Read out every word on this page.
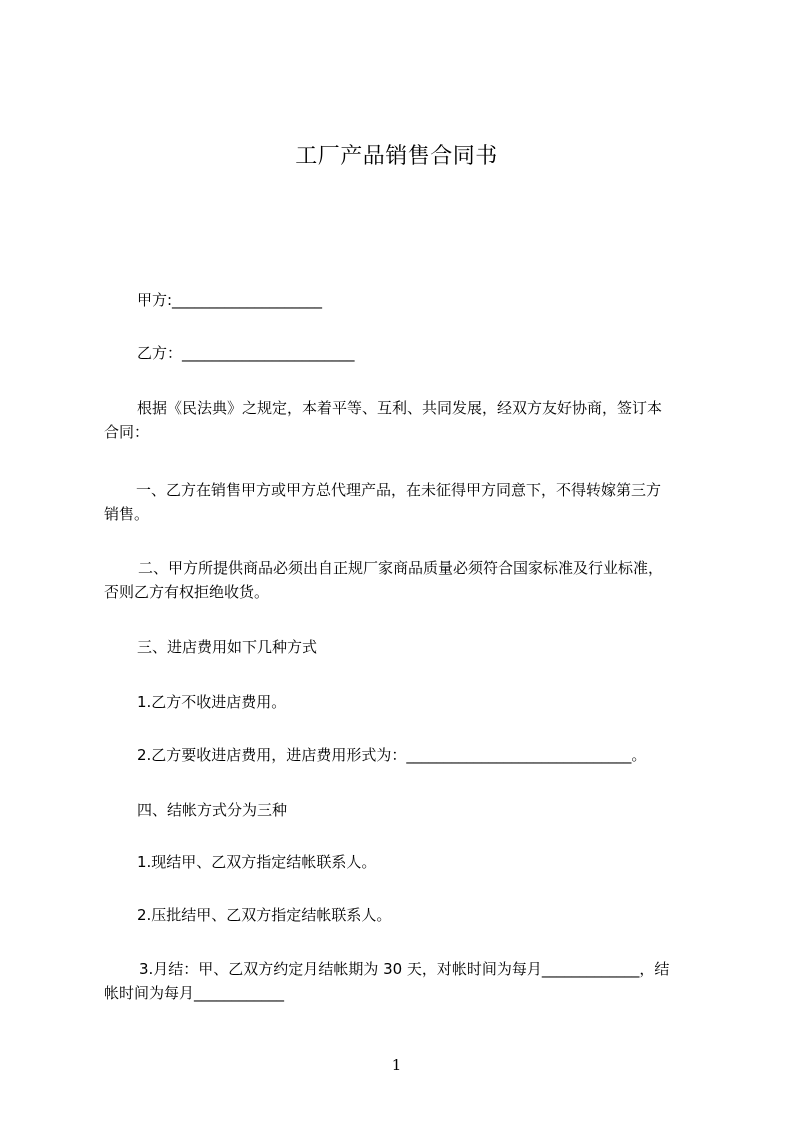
工厂产品销售合同书
甲方:____________________
乙方：_______________________
根据《民法典》之规定，本着平等、互利、共同发展，经双方友好协商，签订本
合同：
一、乙方在销售甲方或甲方总代理产品，在未征得甲方同意下，不得转嫁第三方
销售。
二、甲方所提供商品必须出自正规厂家商品质量必须符合国家标准及行业标准，
否则乙方有权拒绝收货。
三、进店费用如下几种方式
1.乙方不收进店费用。
2.乙方要收进店费用，进店费用形式为：______________________________。
四、结帐方式分为三种
1.现结甲、乙双方指定结帐联系人。
2.压批结甲、乙双方指定结帐联系人。
3.月结：甲、乙双方约定月结帐期为 30 天，对帐时间为每月_____________，结
帐时间为每月____________
1
